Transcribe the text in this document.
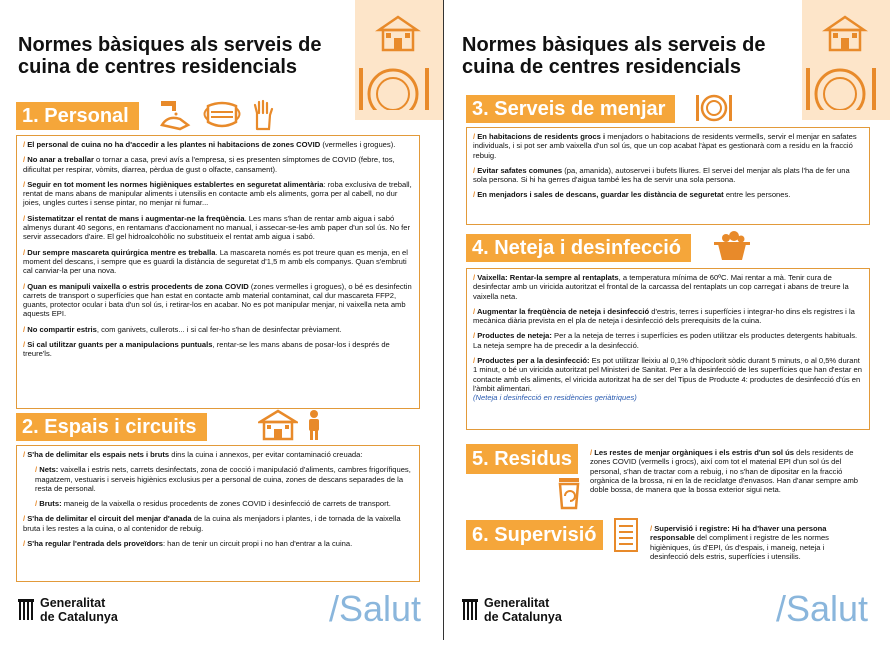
Normes bàsiques als serveis de cuina de centres residencials
1. Personal

/ El personal de cuina no ha d'accedir a les plantes ni habitacions de zones COVID (vermelles i grogues).

/ No anar a treballar o tornar a casa, previ avís a l'empresa, si es presenten símptomes de COVID (febre, tos, dificultat per respirar, vòmits, diarrea, pèrdua de gust o olfacte, cansament).

/ Seguir en tot moment les normes higièniques establertes en seguretat alimentària: roba exclusiva de treball, rentat de mans abans de manipular aliments i utensilis en contacte amb els aliments, gorra per al cabell, no dur joies, ungles curtes i sense pintar, no menjar ni fumar...

/ Sistematitzar el rentat de mans i augmentar-ne la freqüència. Les mans s'han de rentar amb aigua i sabó almenys durant 40 segons, en rentamans d'accionament no manual, i assecar-se-les amb paper d'un sol ús. No fer servir assecadors d'aire. El gel hidroalcohòlic no substitueix el rentat amb aigua i sabó.

/ Dur sempre mascareta quirúrgica mentre es treballa. La mascareta només es pot treure quan es menja, en el moment del descans, i sempre que es guardi la distància de seguretat d'1,5 m amb els companys. Quan s'embruti cal canviar-la per una nova.

/ Quan es manipuli vaixella o estris procedents de zona COVID (zones vermelles i grogues), o bé es desinfectin carrets de transport o superfícies que han estat en contacte amb material contaminat, cal dur mascareta FFP2, guants, protector ocular i bata d'un sol ús, i retirar-los en acabar. No es pot manipular menjar, ni vaixella neta amb aquests EPI.

/ No compartir estris, com ganivets, cullerots... i si cal fer-ho s'han de desinfectar prèviament.

/ Si cal utilitzar guants per a manipulacions puntuals, rentar-se les mans abans de posar-los i després de treure'ls.

2. Espais i circuits

/ S'ha de delimitar els espais nets i bruts dins la cuina i annexos, per evitar contaminació creuada:

/ Nets: vaixella i estris nets, carrets desinfectats, zona de cocció i manipulació d'aliments, cambres frigorífiques, magatzem, vestuaris i serveis higiènics exclusius per a personal de cuina, zones de descans separades de la resta de personal.

/ Bruts: maneig de la vaixella o residus procedents de zones COVID i desinfecció de carrets de transport.

/ S'ha de delimitar el circuit del menjar d'anada de la cuina als menjadors i plantes, i de tornada de la vaixella bruta i les restes a la cuina, o al contenidor de rebuig.

/ S'ha regular l'entrada dels proveïdors: han de tenir un circuit propi i no han d'entrar a la cuina.

Generalitat
de Catalunya	/Salut
Normes bàsiques als serveis de cuina de centres residencials
3. Serveis de menjar

/ En habitacions de residents grocs i menjadors o habitacions de residents vermells, servir el menjar en safates individuals, i si pot ser amb vaixella d'un sol ús, que un cop acabat l'àpat es gestionarà com a residu en la fracció rebuig.

/ Evitar safates comunes (pa, amanida), autoservei i bufets lliures. El servei del menjar als plats l'ha de fer una sola persona. Si hi ha gerres d'aigua també les ha de servir una sola persona.

/ En menjadors i sales de descans, guardar les distància de seguretat entre les persones.

4. Neteja i desinfecció

/ Vaixella: Rentar-la sempre al rentaplats, a temperatura mínima de 60ºC. Mai rentar a mà. Tenir cura de desinfectar amb un viricida autoritzat el frontal de la carcassa del rentaplats un cop carregat i abans de treure la vaixella neta.

/ Augmentar la freqüència de neteja i desinfecció d'estris, terres i superfícies i integrar-ho dins els registres i la mecànica diària prevista en el pla de neteja i desinfecció dels prerequisits de la cuina.

/ Productes de neteja: Per a la neteja de terres i superfícies es poden utilitzar els productes detergents habituals. La neteja sempre ha de precedir a la desinfecció.

/ Productes per a la desinfecció: Es pot utilitzar lleixiu al 0,1% d'hipoclorit sòdic durant 5 minuts, o al 0,5% durant 1 minut, o bé un viricida autoritzat pel Ministeri de Sanitat. Per a la desinfecció de les superfícies que han d'estar en contacte amb els aliments, el viricida autoritzat ha de ser del Tipus de Producte 4: productes de desinfecció d'ús en l'àmbit alimentari.

(Neteja i desinfecció en residències geriàtriques)

5. Residus	/ Les restes de menjar orgàniques i els estris d'un sol ús dels residents de zones COVID (vermells i grocs), així com tot el material EPI d'un sol ús del personal, s'han de tractar com a rebuig, i no s'han de dipositar en la fracció orgànica de la brossa, ni en la de reciclatge d'envasos. Han d'anar sempre amb doble bossa, de manera que la bossa exterior sigui neta.

6. Supervisió	/ Supervisió i registre: Hi ha d'haver una persona responsable del compliment i registre de les normes higièniques, ús d'EPI, ús d'espais, i maneig, neteja i desinfecció dels estris, superfícies i utensilis.

Generalitat
de Catalunya	/Salut
